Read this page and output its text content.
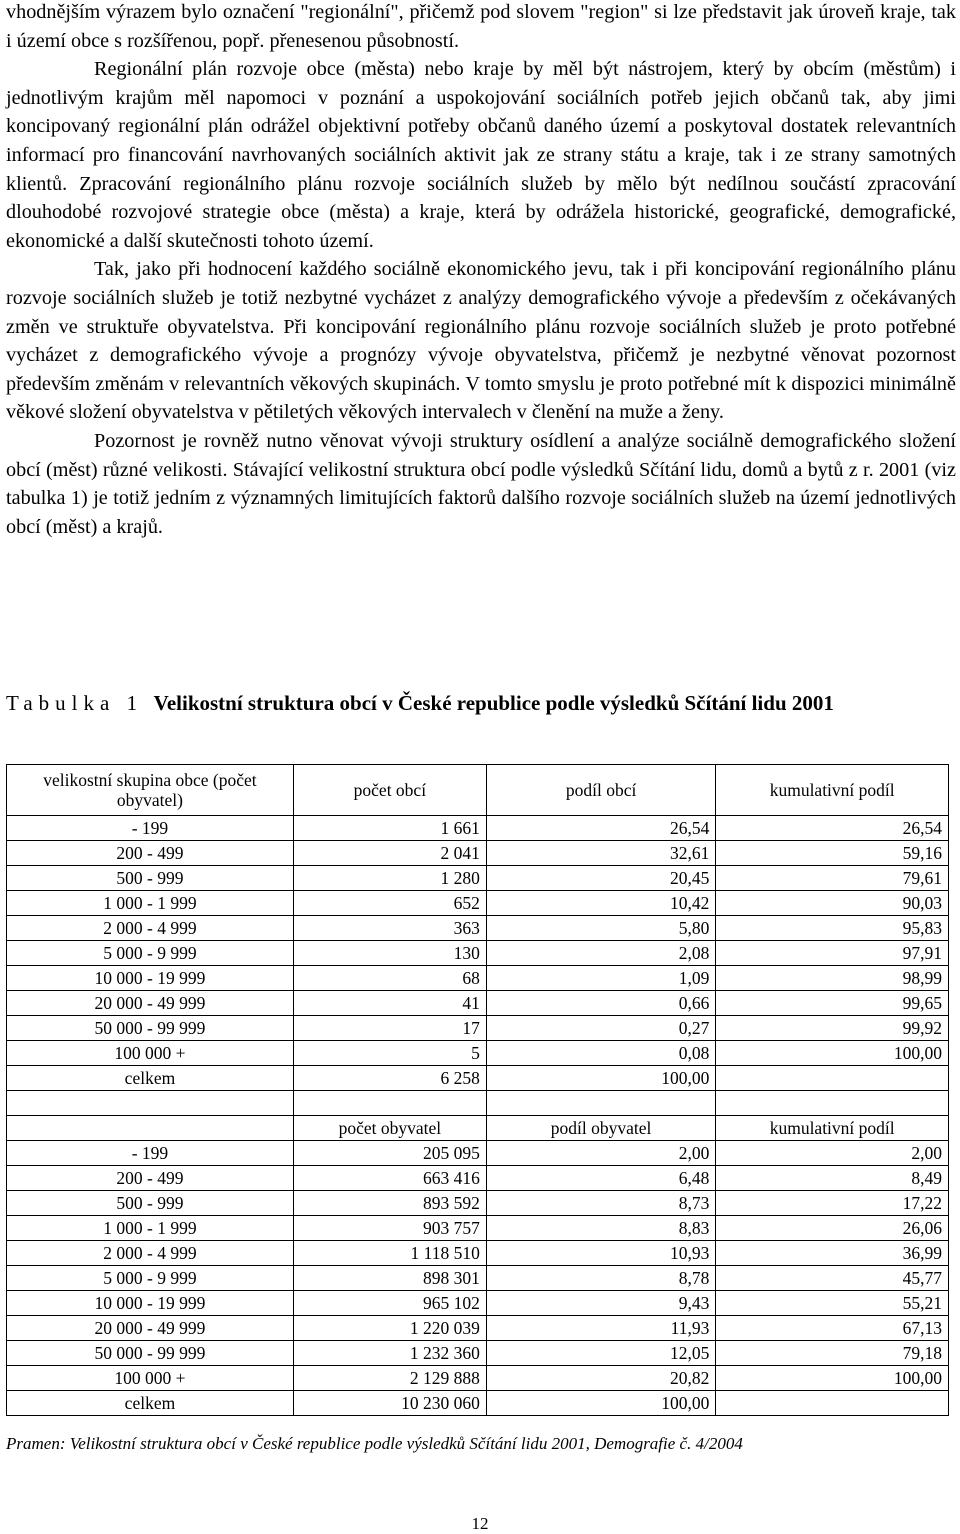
vhodnějším výrazem bylo označení "regionální", přičemž pod slovem "region" si lze představit jak úroveň kraje, tak i území obce s rozšířenou, popř. přenesenou působností.

Regionální plán rozvoje obce (města) nebo kraje by měl být nástrojem, který by obcím (městům) i jednotlivým krajům měl napomoci v poznání a uspokojování sociálních potřeb jejich občanů tak, aby jimi koncipovaný regionální plán odrážel objektivní potřeby občanů daného území a poskytoval dostatek relevantních informací pro financování navrhovaných sociálních aktivit jak ze strany státu a kraje, tak i ze strany samotných klientů. Zpracování regionálního plánu rozvoje sociálních služeb by mělo být nedílnou součástí zpracování dlouhodobé rozvojové strategie obce (města) a kraje, která by odrážela historické, geografické, demografické, ekonomické a další skutečnosti tohoto území.

Tak, jako při hodnocení každého sociálně ekonomického jevu, tak i při koncipování regionálního plánu rozvoje sociálních služeb je totiž nezbytné vycházet z analýzy demografického vývoje a především z očekávaných změn ve struktuře obyvatelstva. Při koncipování regionálního plánu rozvoje sociálních služeb je proto potřebné vycházet z demografického vývoje a prognózy vývoje obyvatelstva, přičemž je nezbytné věnovat pozornost především změnám v relevantních věkových skupinách. V tomto smyslu je proto potřebné mít k dispozici minimálně věkové složení obyvatelstva v pětiletých věkových intervalech v členění na muže a ženy.

Pozornost je rovněž nutno věnovat vývoji struktury osídlení a analýze sociálně demografického složení obcí (měst) různé velikosti. Stávající velikostní struktura obcí podle výsledků Sčítání lidu, domů a bytů z r. 2001 (viz tabulka 1) je totiž jedním z významných limitujících faktorů dalšího rozvoje sociálních služeb na území jednotlivých obcí (měst) a krajů.

Tabulka 1 Velikostní struktura obcí v České republice podle výsledků Sčítání lidu 2001
velikostní skupina obce (počet obyvatel)	počet obcí	podíl obcí	kumulativní podíl
- 199	1 661	26,54	26,54
200 - 499	2 041	32,61	59,16
500 - 999	1 280	20,45	79,61
1 000 - 1 999	652	10,42	90,03
2 000 - 4 999	363	5,80	95,83
5 000 - 9 999	130	2,08	97,91
10 000 - 19 999	68	1,09	98,99
20 000 - 49 999	41	0,66	99,65
50 000 - 99 999	17	0,27	99,92
100 000 +	5	0,08	100,00
celkem	6 258	100,00	

	počet obyvatel	podíl obyvatel	kumulativní podíl
- 199	205 095	2,00	2,00
200 - 499	663 416	6,48	8,49
500 - 999	893 592	8,73	17,22
1 000 - 1 999	903 757	8,83	26,06
2 000 - 4 999	1 118 510	10,93	36,99
5 000 - 9 999	898 301	8,78	45,77
10 000 - 19 999	965 102	9,43	55,21
20 000 - 49 999	1 220 039	11,93	67,13
50 000 - 99 999	1 232 360	12,05	79,18
100 000 +	2 129 888	20,82	100,00
celkem	10 230 060	100,00	
Pramen: Velikostní struktura obcí v České republice podle výsledků Sčítání lidu 2001, Demografie č. 4/2004
12
